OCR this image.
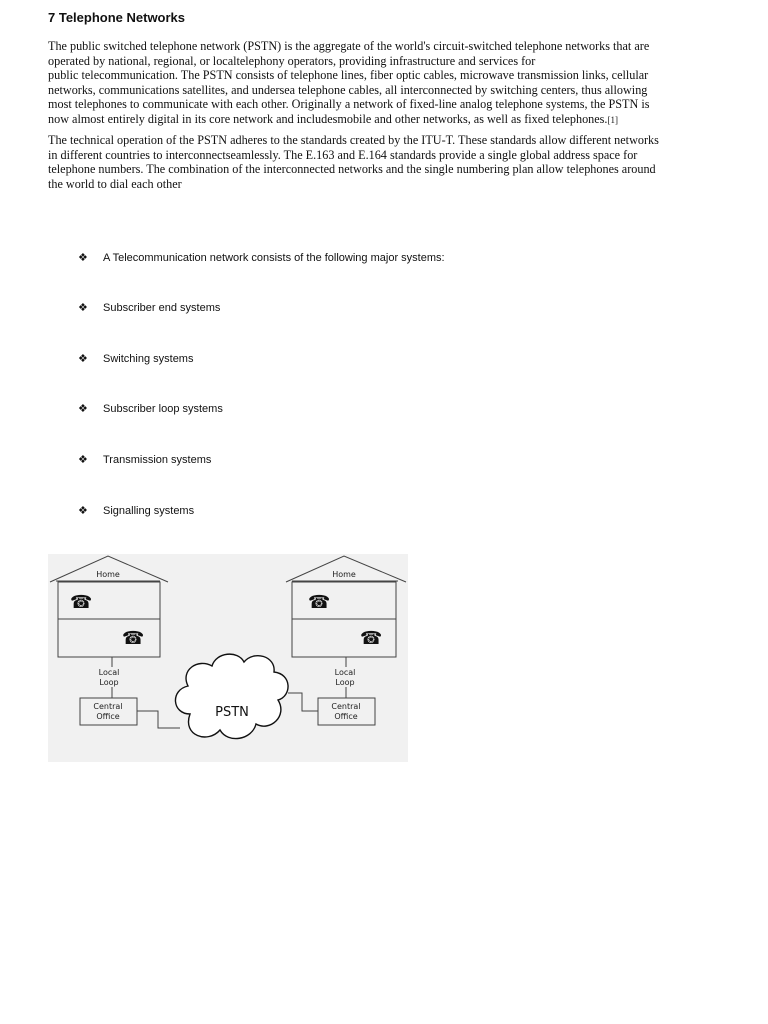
7 Telephone Networks

The public switched telephone network (PSTN) is the aggregate of the world's circuit-switched telephone networks that are
operated by national, regional, or localtelephony operators, providing infrastructure and services for
public telecommunication. The PSTN consists of telephone lines, fiber optic cables, microwave transmission links, cellular
networks, communications satellites, and undersea telephone cables, all interconnected by switching centers, thus allowing
most telephones to communicate with each other. Originally a network of fixed-line analog telephone systems, the PSTN is
now almost entirely digital in its core network and includesmobile and other networks, as well as fixed telephones.[1]

The technical operation of the PSTN adheres to the standards created by the ITU-T. These standards allow different networks
in different countries to interconnectseamlessly. The E.163 and E.164 standards provide a single global address space for
telephone numbers. The combination of the interconnected networks and the single numbering plan allow telephones around
the world to dial each other

❖	A Telecommunication network consists of the following major systems:
❖	Subscriber end systems
❖	Switching systems
❖	Subscriber loop systems
❖	Transmission systems
❖	Signalling systems
Home	Home
Local
Loop
Local
Loop
Central
Office
Central
Office
PSTN
☎
☎
☎
☎
